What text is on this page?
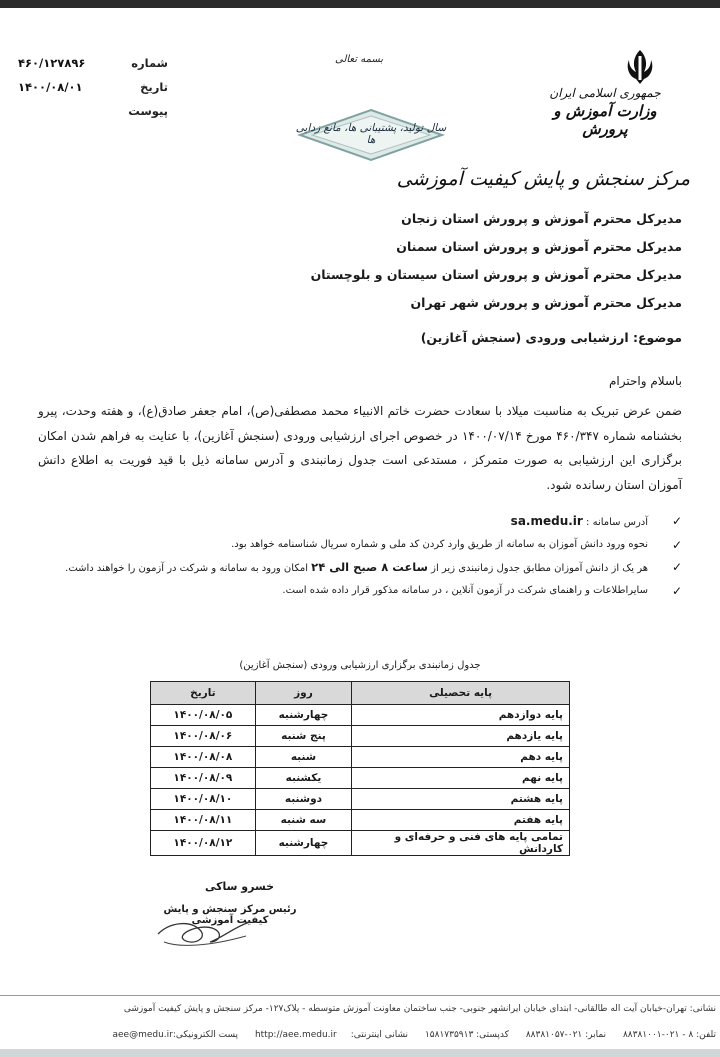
جمهوری اسلامی ایران
وزارت آموزش و پرورش
مرکز سنجش و پایش کیفیت آموزشی
بسمه تعالی
سال تولید، پشتیبانی ها، مانع زدایی ها
شماره
۴۶۰/۱۲۷۸۹۶
تاریخ
۱۴۰۰/۰۸/۰۱
پیوست
مدیرکل محترم آموزش و پرورش استان زنجان
مدیرکل محترم آموزش و پرورش استان سمنان
مدیرکل محترم آموزش و پرورش استان سیستان و بلوچستان
مدیرکل محترم آموزش و پرورش شهر تهران
موضوع: ارزشیابی ورودی (سنجش آغازین)
باسلام واحترام
ضمن عرض تبریک به مناسبت میلاد با سعادت حضرت خاتم الانبیاء محمد مصطفی(ص)، امام جعفر صادق(ع)، و هفته وحدت، پیرو بخشنامه شماره ۴۶۰/۳۴۷ مورخ ۱۴۰۰/۰۷/۱۴ در خصوص اجرای ارزشیابی ورودی (سنجش آغازین)، با عنایت به فراهم شدن امکان برگزاری این ارزشیابی به صورت متمرکز ، مستدعی است جدول زمانبندی و آدرس سامانه ذیل با قید فوریت به اطلاع دانش آموزان استان رسانده شود.
✓
آدرس سامانه : sa.medu.ir
✓
نحوه ورود دانش آموزان به سامانه از طریق وارد کردن کد ملی و شماره سریال شناسنامه خواهد بود.
✓
هر یک از دانش آموزان مطابق جدول زمانبندی زیر از ساعت ۸ صبح الی ۲۴ امکان ورود به سامانه و شرکت در آزمون را خواهند داشت.
✓
سایراطلاعات و راهنمای شرکت در آزمون آنلاین ، در سامانه مذکور قرار داده شده است.
جدول زمانبندی برگزاری ارزشیابی ورودی (سنجش آغازین)
پایه تحصیلی	روز	تاریخ
پایه دوازدهم	چهارشنبه	۱۴۰۰/۰۸/۰۵
پایه یازدهم	پنج شنبه	۱۴۰۰/۰۸/۰۶
پایه دهم	شنبه	۱۴۰۰/۰۸/۰۸
پایه نهم	یکشنبه	۱۴۰۰/۰۸/۰۹
پایه هشتم	دوشنبه	۱۴۰۰/۰۸/۱۰
پایه هفتم	سه شنبه	۱۴۰۰/۰۸/۱۱
تمامی پایه های فنی و حرفه‌ای و کاردانش	چهارشنبه	۱۴۰۰/۰۸/۱۲
خسرو ساکی
رئیس مرکز سنجش و پایش کیفیت آموزشی
نشانی: تهران-خیابان آیت اله طالقانی- ابتدای خیابان ایرانشهر جنوبی- جنب ساختمان معاونت آموزش متوسطه - پلاک۱۲۷- مرکز سنجش و پایش کیفیت آموزشی
تلفن: ۸ - ۰۲۱-۸۸۳۸۱۰۰۱ نمابر: ۰۲۱-۸۸۳۸۱۰۵۷ کدپستی: ۱۵۸۱۷۳۵۹۱۳ نشانی اینترنتی:http://aee.medu.ir پست الکترونیکی:aee@medu.ir
